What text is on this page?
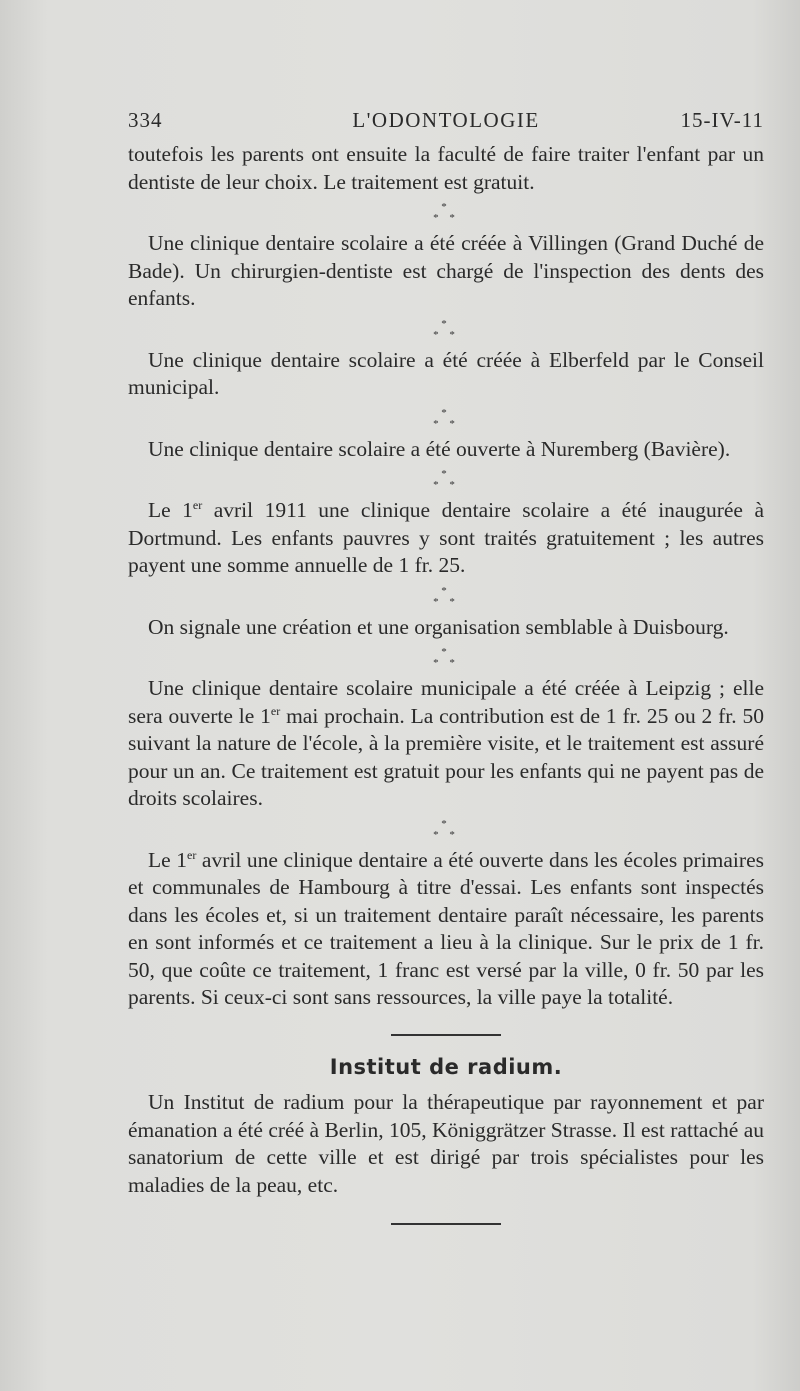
334	L'ODONTOLOGIE	15-IV-11

toutefois les parents ont ensuite la faculté de faire traiter l'enfant par un dentiste de leur choix. Le traitement est gratuit.

*
* *

Une clinique dentaire scolaire a été créée à Villingen (Grand Duché de Bade). Un chirurgien-dentiste est chargé de l'inspection des dents des enfants.

*
* *

Une clinique dentaire scolaire a été créée à Elberfeld par le Conseil municipal.

*
* *

Une clinique dentaire scolaire a été ouverte à Nuremberg (Bavière).

*
* *

Le 1er avril 1911 une clinique dentaire scolaire a été inaugurée à Dortmund. Les enfants pauvres y sont traités gratuitement ; les autres payent une somme annuelle de 1 fr. 25.

*
* *

On signale une création et une organisation semblable à Duisbourg.

*
* *

Une clinique dentaire scolaire municipale a été créée à Leipzig ; elle sera ouverte le 1er mai prochain. La contribution est de 1 fr. 25 ou 2 fr. 50 suivant la nature de l'école, à la première visite, et le traitement est assuré pour un an. Ce traitement est gratuit pour les enfants qui ne payent pas de droits scolaires.

*
* *

Le 1er avril une clinique dentaire a été ouverte dans les écoles primaires et communales de Hambourg à titre d'essai. Les enfants sont inspectés dans les écoles et, si un traitement dentaire paraît nécessaire, les parents en sont informés et ce traitement a lieu à la clinique. Sur le prix de 1 fr. 50, que coûte ce traitement, 1 franc est versé par la ville, 0 fr. 50 par les parents. Si ceux-ci sont sans ressources, la ville paye la totalité.

Institut de radium.

Un Institut de radium pour la thérapeutique par rayonnement et par émanation a été créé à Berlin, 105, Königgrätzer Strasse. Il est rattaché au sanatorium de cette ville et est dirigé par trois spécialistes pour les maladies de la peau, etc.
